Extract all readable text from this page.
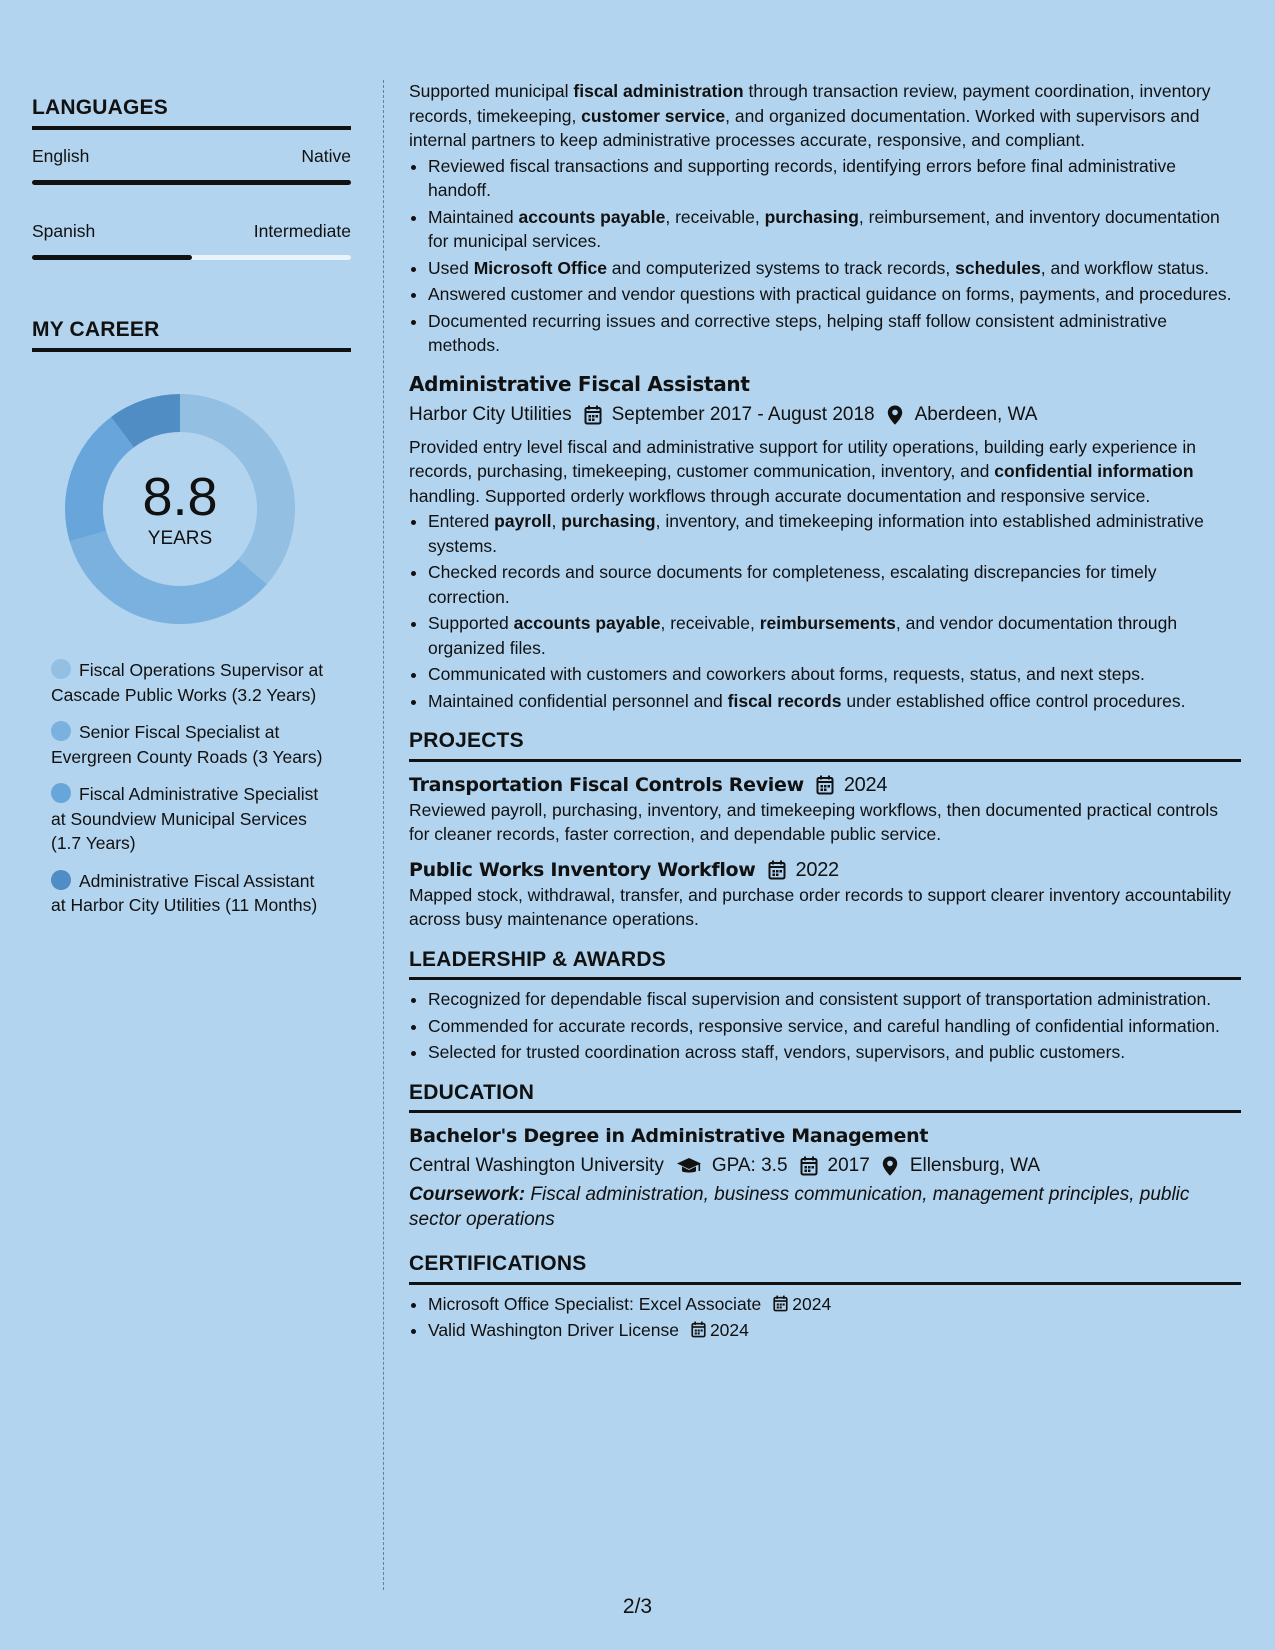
LANGUAGES
English	Native
Spanish	Intermediate
MY CAREER
8.8
YEARS
Fiscal Operations Supervisor at Cascade Public Works (3.2 Years)
Senior Fiscal Specialist at Evergreen County Roads (3 Years)
Fiscal Administrative Specialist at Soundview Municipal Services (1.7 Years)
Administrative Fiscal Assistant at Harbor City Utilities (11 Months)

Supported municipal fiscal administration through transaction review, payment coordination, inventory records, timekeeping, customer service, and organized documentation. Worked with supervisors and internal partners to keep administrative processes accurate, responsive, and compliant.

• Reviewed fiscal transactions and supporting records, identifying errors before final administrative handoff.
• Maintained accounts payable, receivable, purchasing, reimbursement, and inventory documentation for municipal services.
• Used Microsoft Office and computerized systems to track records, schedules, and workflow status.
• Answered customer and vendor questions with practical guidance on forms, payments, and procedures.
• Documented recurring issues and corrective steps, helping staff follow consistent administrative methods.
Administrative Fiscal Assistant
Harbor City Utilities September 2017 - August 2018 Aberdeen, WA

Provided entry level fiscal and administrative support for utility operations, building early experience in records, purchasing, timekeeping, customer communication, inventory, and confidential information handling. Supported orderly workflows through accurate documentation and responsive service.

• Entered payroll, purchasing, inventory, and timekeeping information into established administrative systems.
• Checked records and source documents for completeness, escalating discrepancies for timely correction.
• Supported accounts payable, receivable, reimbursements, and vendor documentation through organized files.
• Communicated with customers and coworkers about forms, requests, status, and next steps.
• Maintained confidential personnel and fiscal records under established office control procedures.
PROJECTS
Transportation Fiscal Controls Review 2024

Reviewed payroll, purchasing, inventory, and timekeeping workflows, then documented practical controls for cleaner records, faster correction, and dependable public service.

Public Works Inventory Workflow 2022

Mapped stock, withdrawal, transfer, and purchase order records to support clearer inventory accountability across busy maintenance operations.

LEADERSHIP & AWARDS
• Recognized for dependable fiscal supervision and consistent support of transportation administration.
• Commended for accurate records, responsive service, and careful handling of confidential information.
• Selected for trusted coordination across staff, vendors, supervisors, and public customers.
EDUCATION
Bachelor's Degree in Administrative Management
Central Washington University	GPA: 3.5 2017 Ellensburg, WA
Coursework: Fiscal administration, business communication, management principles, public sector operations
CERTIFICATIONS
• Microsoft Office Specialist: Excel Associate 2024
• Valid Washington Driver License 2024
2/3
